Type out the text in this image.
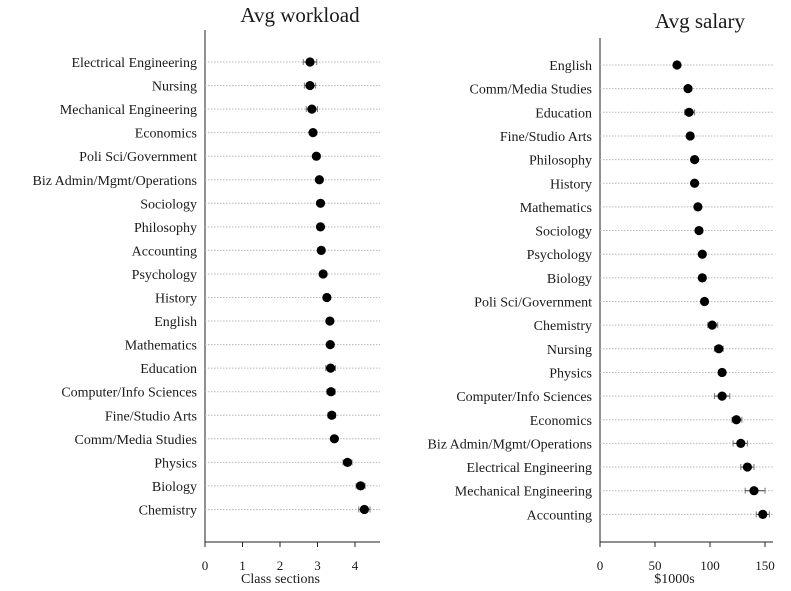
Avg workload
0 1 2 3 4
Class sections
Electrical Engineering
Nursing
Mechanical Engineering
Economics
Poli Sci/Government
Biz Admin/Mgmt/Operations
Sociology
Philosophy
Accounting
Psychology
History
English
Mathematics
Education
Computer/Info Sciences
Fine/Studio Arts
Comm/Media Studies
Physics
Biology
Chemistry
Avg salary
0	50	100	150
$1000s
English
Comm/Media Studies
Education
Fine/Studio Arts
Philosophy
History
Mathematics
Sociology
Psychology
Biology
Poli Sci/Government
Chemistry
Nursing
Physics
Computer/Info Sciences
Economics
Biz Admin/Mgmt/Operations
Electrical Engineering
Mechanical Engineering
Accounting
